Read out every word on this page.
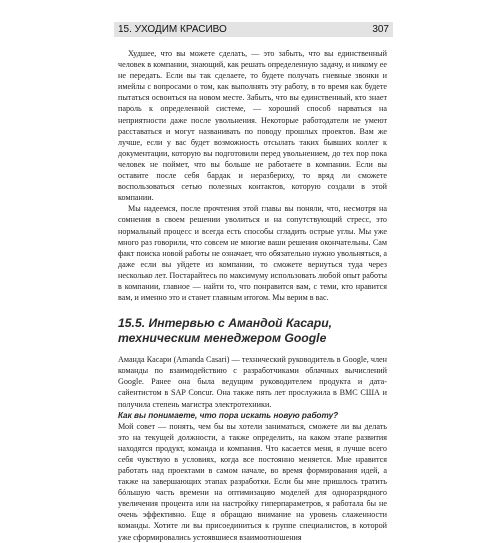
15. УХОДИМ КРАСИВО	307

Худшее, что вы можете сделать, — это забыть, что вы единственный человек в компании, знающий, как решать определенную задачу, и никому ее не передать. Если вы так сделаете, то будете получать гневные звонки и имейлы с вопросами о том, как выполнять эту работу, в то время как будете пытаться освоиться на новом месте. Забыть, что вы единственный, кто знает пароль к определенной системе, — хороший способ нарваться на неприятности даже после увольнения. Некоторые работодатели не умеют расставаться и могут названивать по поводу прошлых проектов. Вам же лучше, если у вас будет возможность отсылать таких бывших коллег к документации, которую вы подготовили перед увольнением, до тех пор пока человек не поймет, что вы больше не работаете в компании. Если вы оставите после себя бардак и неразбериху, то вряд ли сможете воспользоваться сетью полезных контактов, которую создали в этой компании.

Мы надеемся, после прочтения этой главы вы поняли, что, несмотря на сомнения в своем решении уволиться и на сопутствующий стресс, это нормальный процесс и всегда есть способы сгладить острые углы. Мы уже много раз говорили, что совсем не многие ваши решения окончательны. Сам факт поиска новой работы не означает, что обязательно нужно увольняться, а даже если вы уйдете из компании, то сможете вернуться туда через несколько лет. Постарайтесь по максимуму использовать любой опыт работы в компании, главное — найти то, что понравится вам, с теми, кто нравится вам, и именно это и станет главным итогом. Мы верим в вас.

15.5. Интервью с Амандой Касари, техническим менеджером Google

Аманда Касари (Amanda Casari) — технический руководитель в Google, член команды по взаимодействию с разработчиками облачных вычислений Google. Ранее она была ведущим руководителем продукта и дата-сайентистом в SAP Concur. Она также пять лет прослужила в ВМС США и получила степень магистра электротехники.

Как вы понимаете, что пора искать новую работу?

Мой совет — понять, чем бы вы хотели заниматься, сможете ли вы делать это на текущей должности, а также определить, на каком этапе развития находятся продукт, команда и компания. Что касается меня, я лучше всего себя чувствую в условиях, когда все постоянно меняется. Мне нравится работать над проектами в самом начале, во время формирования идей, а также на завершающих этапах разработки. Если бы мне пришлось тратить бóльшую часть времени на оптимизацию моделей для одноразрядного увеличения процента или на настройку гиперпараметров, я работала бы не очень эффективно. Еще я обращаю внимание на уровень слаженности команды. Хотите ли вы присоединиться к группе специалистов, в которой уже сформировались устоявшиеся взаимоотношения
